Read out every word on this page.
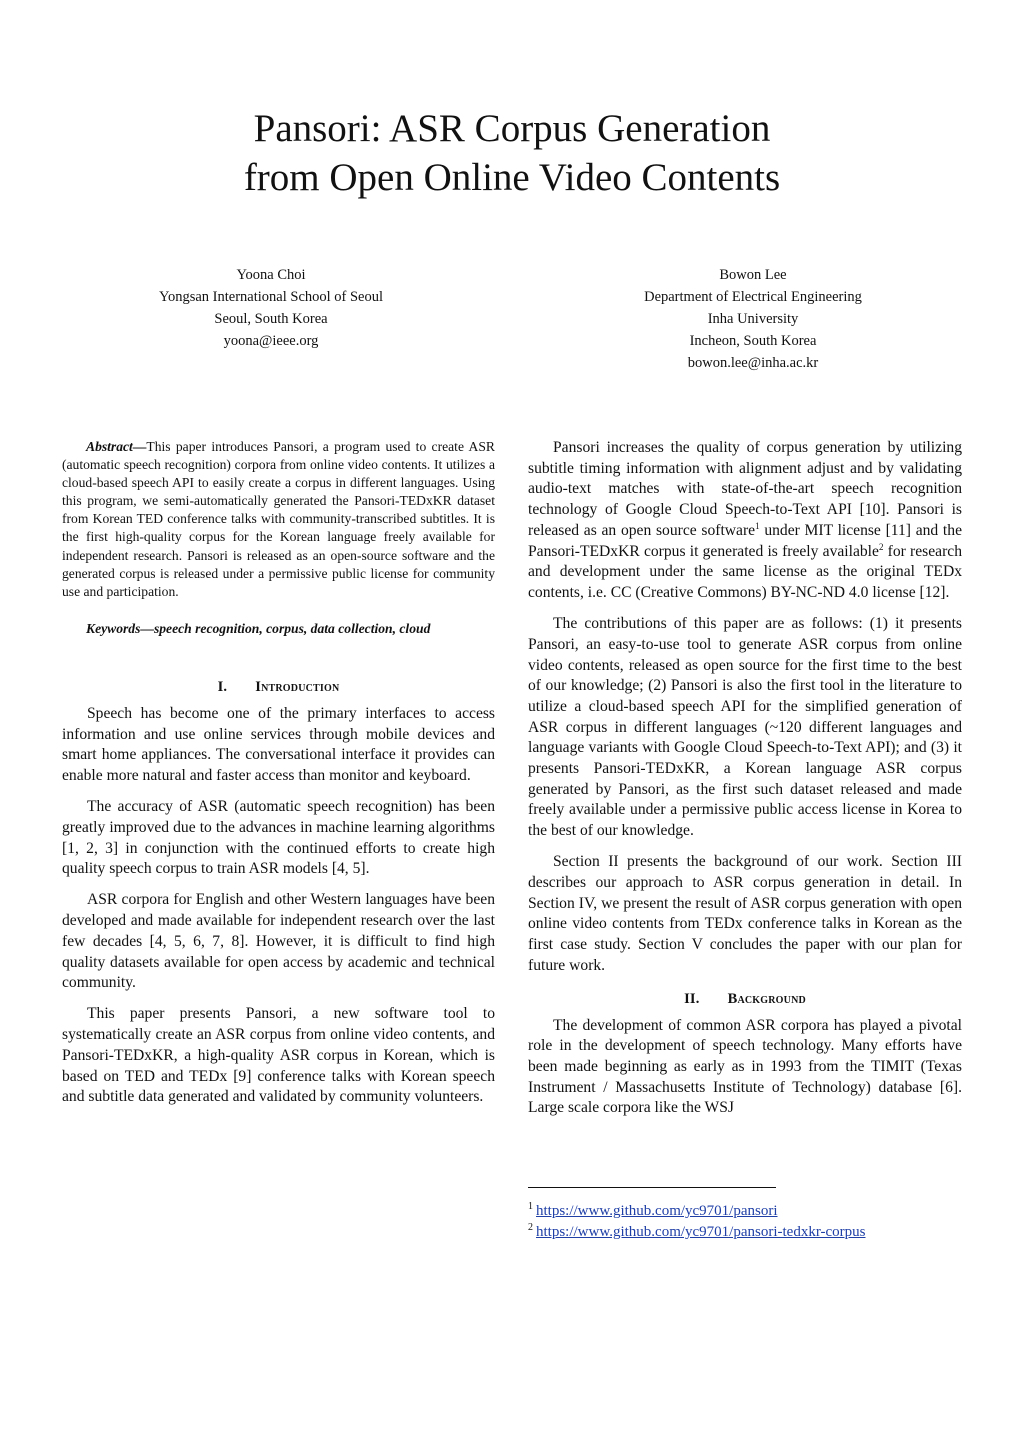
Pansori: ASR Corpus Generation
from Open Online Video Contents
Yoona Choi
Yongsan International School of Seoul
Seoul, South Korea
yoona@ieee.org
Bowon Lee
Department of Electrical Engineering
Inha University
Incheon, South Korea
bowon.lee@inha.ac.kr

Abstract—This paper introduces Pansori, a program used to create ASR (automatic speech recognition) corpora from online video contents. It utilizes a cloud-based speech API to easily create a corpus in different languages. Using this program, we semi-automatically generated the Pansori-TEDxKR dataset from Korean TED conference talks with community-transcribed subtitles. It is the first high-quality corpus for the Korean language freely available for independent research. Pansori is released as an open-source software and the generated corpus is released under a permissive public license for community use and participation.

Keywords—speech recognition, corpus, data collection, cloud

I. Introduction

Speech has become one of the primary interfaces to access information and use online services through mobile devices and smart home appliances. The conversational interface it provides can enable more natural and faster access than monitor and keyboard.

The accuracy of ASR (automatic speech recognition) has been greatly improved due to the advances in machine learning algorithms [1, 2, 3] in conjunction with the continued efforts to create high quality speech corpus to train ASR models [4, 5].

ASR corpora for English and other Western languages have been developed and made available for independent research over the last few decades [4, 5, 6, 7, 8]. However, it is difficult to find high quality datasets available for open access by academic and technical community.

This paper presents Pansori, a new software tool to systematically create an ASR corpus from online video contents, and Pansori-TEDxKR, a high-quality ASR corpus in Korean, which is based on TED and TEDx [9] conference talks with Korean speech and subtitle data generated and validated by community volunteers.

Pansori increases the quality of corpus generation by utilizing subtitle timing information with alignment adjust and by validating audio-text matches with state-of-the-art speech recognition technology of Google Cloud Speech-to-Text API [10]. Pansori is released as an open source software$^1$ under MIT license [11] and the Pansori-TEDxKR corpus it generated is freely available$^2$ for research and development under the same license as the original TEDx contents, i.e. CC (Creative Commons) BY-NC-ND 4.0 license [12].

The contributions of this paper are as follows: (1) it presents Pansori, an easy-to-use tool to generate ASR corpus from online video contents, released as open source for the first time to the best of our knowledge; (2) Pansori is also the first tool in the literature to utilize a cloud-based speech API for the simplified generation of ASR corpus in different languages (~120 different languages and language variants with Google Cloud Speech-to-Text API); and (3) it presents Pansori-TEDxKR, a Korean language ASR corpus generated by Pansori, as the first such dataset released and made freely available under a permissive public access license in Korea to the best of our knowledge.

Section II presents the background of our work. Section III describes our approach to ASR corpus generation in detail. In Section IV, we present the result of ASR corpus generation with open online video contents from TEDx conference talks in Korean as the first case study. Section V concludes the paper with our plan for future work.

II. Background

The development of common ASR corpora has played a pivotal role in the development of speech technology. Many efforts have been made beginning as early as in 1993 from the TIMIT (Texas Instrument / Massachusetts Institute of Technology) database [6]. Large scale corpora like the WSJ

$^1$ https://www.github.com/yc9701/pansori
$^2$ https://www.github.com/yc9701/pansori-tedxkr-corpus
